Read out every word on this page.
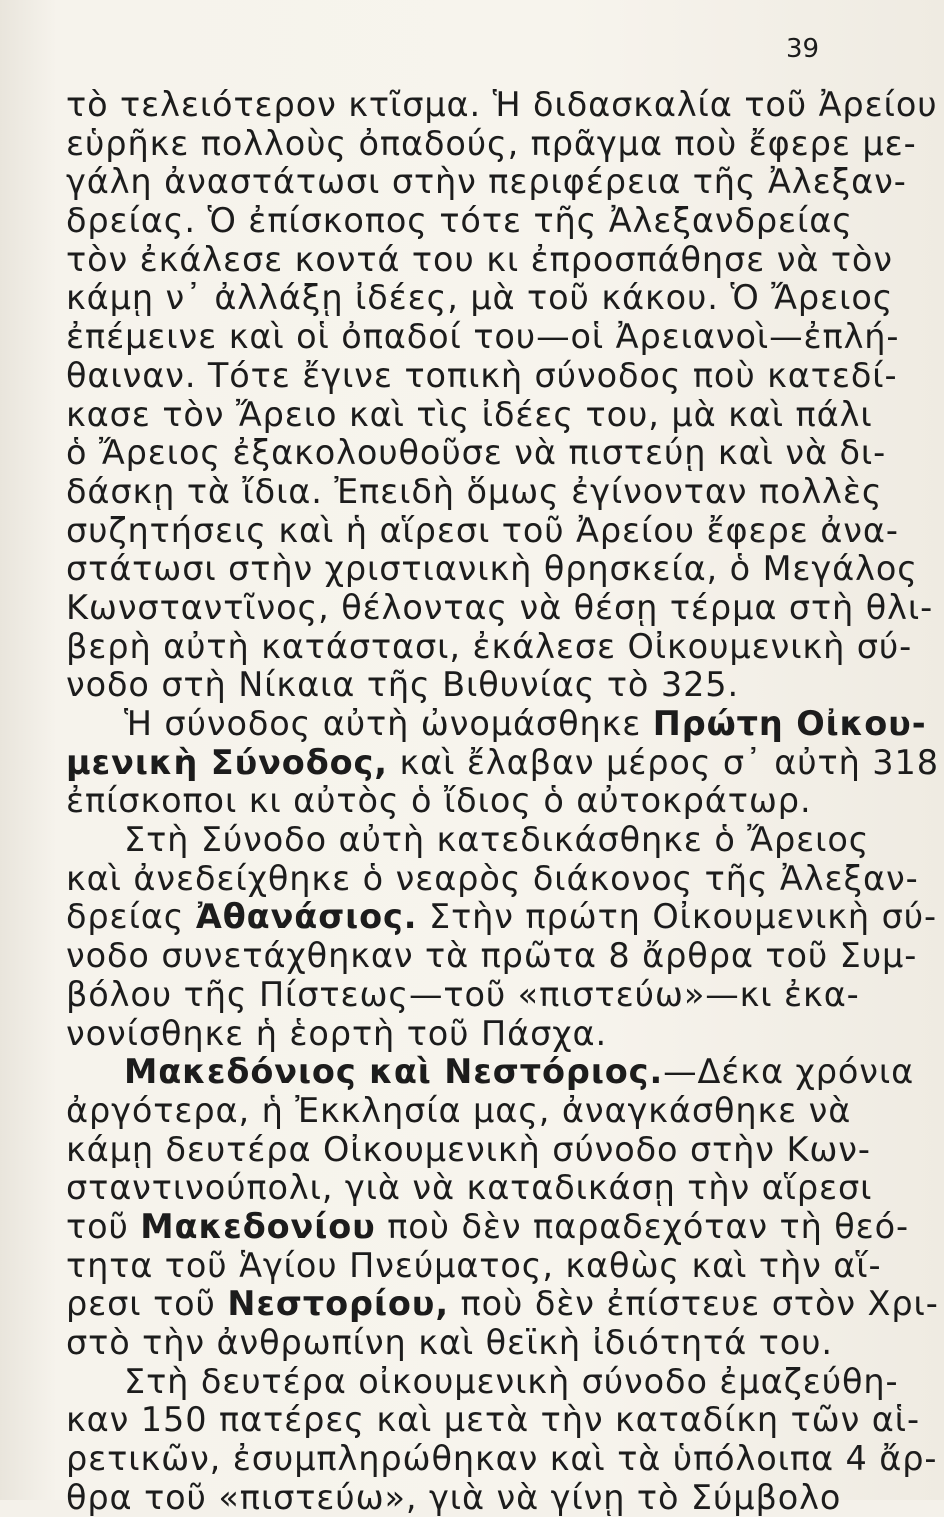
39
τὸ τελειότερον κτῖσμα. Ἡ διδασκαλία τοῦ Ἀρείου
εὑρῆκε πολλοὺς ὀπαδούς, πρᾶγμα ποὺ ἔφερε με-
γάλη ἀναστάτωσι στὴν περιφέρεια τῆς Ἀλεξαν-
δρείας. Ὁ ἐπίσκοπος τότε τῆς Ἀλεξανδρείας
τὸν ἐκάλεσε κοντά του κι ἐπροσπάθησε νὰ τὸν
κάμῃ ν᾽ ἀλλάξῃ ἰδέες, μὰ τοῦ κάκου. Ὁ Ἄρειος
ἐπέμεινε καὶ οἱ ὀπαδοί του—οἱ Ἀρειανοὶ—ἐπλή-
θαιναν. Τότε ἔγινε τοπικὴ σύνοδος ποὺ κατεδί-
κασε τὸν Ἄρειο καὶ τὶς ἰδέες του, μὰ καὶ πάλι
ὁ Ἄρειος ἐξακολουθοῦσε νὰ πιστεύῃ καὶ νὰ δι-
δάσκῃ τὰ ἴδια. Ἐπειδὴ ὅμως ἐγίνονταν πολλὲς
συζητήσεις καὶ ἡ αἵρεσι τοῦ Ἀρείου ἔφερε ἀνα-
στάτωσι στὴν χριστιανικὴ θρησκεία, ὁ Μεγάλος
Κωνσταντῖνος, θέλοντας νὰ θέσῃ τέρμα στὴ θλι-
βερὴ αὐτὴ κατάστασι, ἐκάλεσε Οἰκουμενικὴ σύ-
νοδο στὴ Νίκαια τῆς Βιθυνίας τὸ 325.
Ἡ σύνοδος αὐτὴ ὠνομάσθηκε Πρώτη Οἰκου-
μενικὴ Σύνοδος, καὶ ἔλαβαν μέρος σ᾽ αὐτὴ 318
ἐπίσκοποι κι αὐτὸς ὁ ἴδιος ὁ αὐτοκράτωρ.
Στὴ Σύνοδο αὐτὴ κατεδικάσθηκε ὁ Ἄρειος
καὶ ἀνεδείχθηκε ὁ νεαρὸς διάκονος τῆς Ἀλεξαν-
δρείας Ἀθανάσιος. Στὴν πρώτη Οἰκουμενικὴ σύ-
νοδο συνετάχθηκαν τὰ πρῶτα 8 ἄρθρα τοῦ Συμ-
βόλου τῆς Πίστεως—τοῦ «πιστεύω»—κι ἐκα-
νονίσθηκε ἡ ἑορτὴ τοῦ Πάσχα.
Μακεδόνιος καὶ Νεστόριος.—Δέκα χρόνια
ἀργότερα, ἡ Ἐκκλησία μας, ἀναγκάσθηκε νὰ
κάμῃ δευτέρα Οἰκουμενικὴ σύνοδο στὴν Κων-
σταντινούπολι, γιὰ νὰ καταδικάσῃ τὴν αἵρεσι
τοῦ Μακεδονίου ποὺ δὲν παραδεχόταν τὴ θεό-
τητα τοῦ Ἁγίου Πνεύματος, καθὼς καὶ τὴν αἵ-
ρεσι τοῦ Νεστορίου, ποὺ δὲν ἐπίστευε στὸν Χρι-
στὸ τὴν ἀνθρωπίνη καὶ θεϊκὴ ἰδιότητά του.
Στὴ δευτέρα οἰκουμενικὴ σύνοδο ἐμαζεύθη-
καν 150 πατέρες καὶ μετὰ τὴν καταδίκη τῶν αἱ-
ρετικῶν, ἐσυμπληρώθηκαν καὶ τὰ ὑπόλοιπα 4 ἄρ-
θρα τοῦ «πιστεύω», γιὰ νὰ γίνῃ τὸ Σύμβολο
